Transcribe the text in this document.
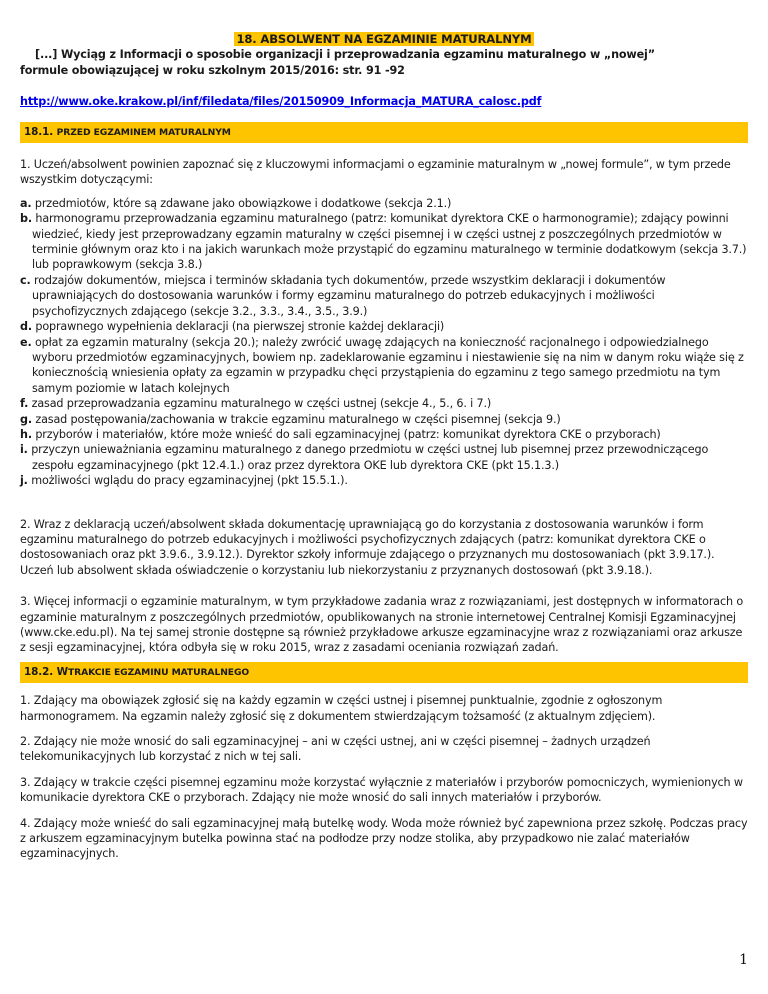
18. ABSOLWENT NA EGZAMINIE MATURALNYM
[...] Wyciąg z Informacji o sposobie organizacji i przeprowadzania egzaminu maturalnego w „nowej”
formule obowiązującej w roku szkolnym 2015/2016: str. 91 -92
http://www.oke.krakow.pl/inf/filedata/files/20150909_Informacja_MATURA_calosc.pdf
18.1. PRZED EGZAMINEM MATURALNYM

1. Uczeń/absolwent powinien zapoznać się z kluczowymi informacjami o egzaminie maturalnym w „nowej formule”, w tym przede wszystkim dotyczącymi:

a. przedmiotów, które są zdawane jako obowiązkowe i dodatkowe (sekcja 2.1.)
b. harmonogramu przeprowadzania egzaminu maturalnego (patrz: komunikat dyrektora CKE o harmonogramie); zdający powinni wiedzieć, kiedy jest przeprowadzany egzamin maturalny w części pisemnej i w części ustnej z poszczególnych przedmiotów w terminie głównym oraz kto i na jakich warunkach może przystąpić do egzaminu maturalnego w terminie dodatkowym (sekcja 3.7.) lub poprawkowym (sekcja 3.8.)
c. rodzajów dokumentów, miejsca i terminów składania tych dokumentów, przede wszystkim deklaracji i dokumentów uprawniających do dostosowania warunków i formy egzaminu maturalnego do potrzeb edukacyjnych i możliwości psychofizycznych zdającego (sekcje 3.2., 3.3., 3.4., 3.5., 3.9.)
d. poprawnego wypełnienia deklaracji (na pierwszej stronie każdej deklaracji)
e. opłat za egzamin maturalny (sekcja 20.); należy zwrócić uwagę zdających na konieczność racjonalnego i odpowiedzialnego wyboru przedmiotów egzaminacyjnych, bowiem np. zadeklarowanie egzaminu i niestawienie się na nim w danym roku wiąże się z koniecznością wniesienia opłaty za egzamin w przypadku chęci przystąpienia do egzaminu z tego samego przedmiotu na tym samym poziomie w latach kolejnych
f. zasad przeprowadzania egzaminu maturalnego w części ustnej (sekcje 4., 5., 6. i 7.)
g. zasad postępowania/zachowania w trakcie egzaminu maturalnego w części pisemnej (sekcja 9.)
h. przyborów i materiałów, które może wnieść do sali egzaminacyjnej (patrz: komunikat dyrektora CKE o przyborach)
i. przyczyn unieważniania egzaminu maturalnego z danego przedmiotu w części ustnej lub pisemnej przez przewodniczącego zespołu egzaminacyjnego (pkt 12.4.1.) oraz przez dyrektora OKE lub dyrektora CKE (pkt 15.1.3.)
j. możliwości wglądu do pracy egzaminacyjnej (pkt 15.5.1.).

2. Wraz z deklaracją uczeń/absolwent składa dokumentację uprawniającą go do korzystania z dostosowania warunków i form egzaminu maturalnego do potrzeb edukacyjnych i możliwości psychofizycznych zdających (patrz: komunikat dyrektora CKE o dostosowaniach oraz pkt 3.9.6., 3.9.12.). Dyrektor szkoły informuje zdającego o przyznanych mu dostosowaniach (pkt 3.9.17.). Uczeń lub absolwent składa oświadczenie o korzystaniu lub niekorzystaniu z przyznanych dostosowań (pkt 3.9.18.).

3. Więcej informacji o egzaminie maturalnym, w tym przykładowe zadania wraz z rozwiązaniami, jest dostępnych w informatorach o egzaminie maturalnym z poszczególnych przedmiotów, opublikowanych na stronie internetowej Centralnej Komisji Egzaminacyjnej (www.cke.edu.pl). Na tej samej stronie dostępne są również przykładowe arkusze egzaminacyjne wraz z rozwiązaniami oraz arkusze z sesji egzaminacyjnej, która odbyła się w roku 2015, wraz z zasadami oceniania rozwiązań zadań.

18.2. WTRAKCIE EGZAMINU MATURALNEGO

1. Zdający ma obowiązek zgłosić się na każdy egzamin w części ustnej i pisemnej punktualnie, zgodnie z ogłoszonym harmonogramem. Na egzamin należy zgłosić się z dokumentem stwierdzającym tożsamość (z aktualnym zdjęciem).

2. Zdający nie może wnosić do sali egzaminacyjnej – ani w części ustnej, ani w części pisemnej – żadnych urządzeń telekomunikacyjnych lub korzystać z nich w tej sali.

3. Zdający w trakcie części pisemnej egzaminu może korzystać wyłącznie z materiałów i przyborów pomocniczych, wymienionych w komunikacie dyrektora CKE o przyborach. Zdający nie może wnosić do sali innych materiałów i przyborów.

4. Zdający może wnieść do sali egzaminacyjnej małą butelkę wody. Woda może również być zapewniona przez szkołę. Podczas pracy z arkuszem egzaminacyjnym butelka powinna stać na podłodze przy nodze stolika, aby przypadkowo nie zalać materiałów egzaminacyjnych.

1
